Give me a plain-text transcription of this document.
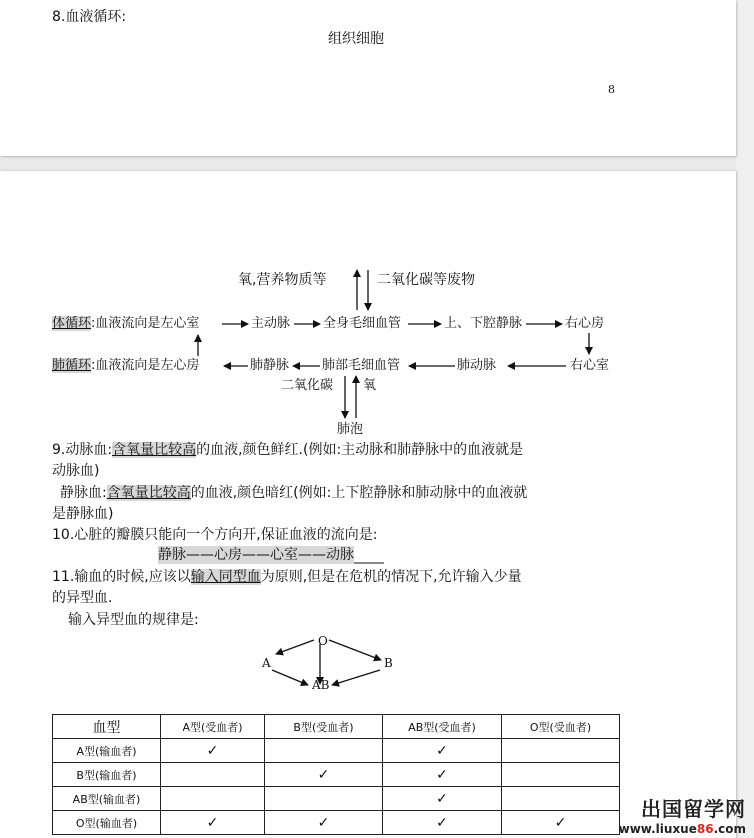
8.血液循环:
组织细胞
8
氧,营养物质等	二氧化碳等废物
体循环:血液流向是左心室	主动脉	全身毛细血管	上、下腔静脉	右心房
肺循环:血液流向是左心房	肺静脉	肺部毛细血管	肺动脉	右心室
二氧化碳 氧
肺泡
9.动脉血:含氧量比较高的血液,颜色鲜红.(例如:主动脉和肺静脉中的血液就是
动脉血)
静脉血:含氧量比较高的血液,颜色暗红(例如:上下腔静脉和肺动脉中的血液就
是静脉血)
10.心脏的瓣膜只能向一个方向开,保证血液的流向是:
静脉——心房——心室——动脉
11.输血的时候,应该以输入同型血为原则,但是在危机的情况下,允许输入少量
的异型血.
输入异型血的规律是:
O
A	B
AB
血型	A型(受血者)	B型(受血者)	AB型(受血者)	O型(受血者)
A型(输血者)	✓		✓	
B型(输血者)		✓	✓	
AB型(输血者)			✓	
O型(输血者)	✓	✓	✓	✓
出国留学网
www.liuxue86.com
